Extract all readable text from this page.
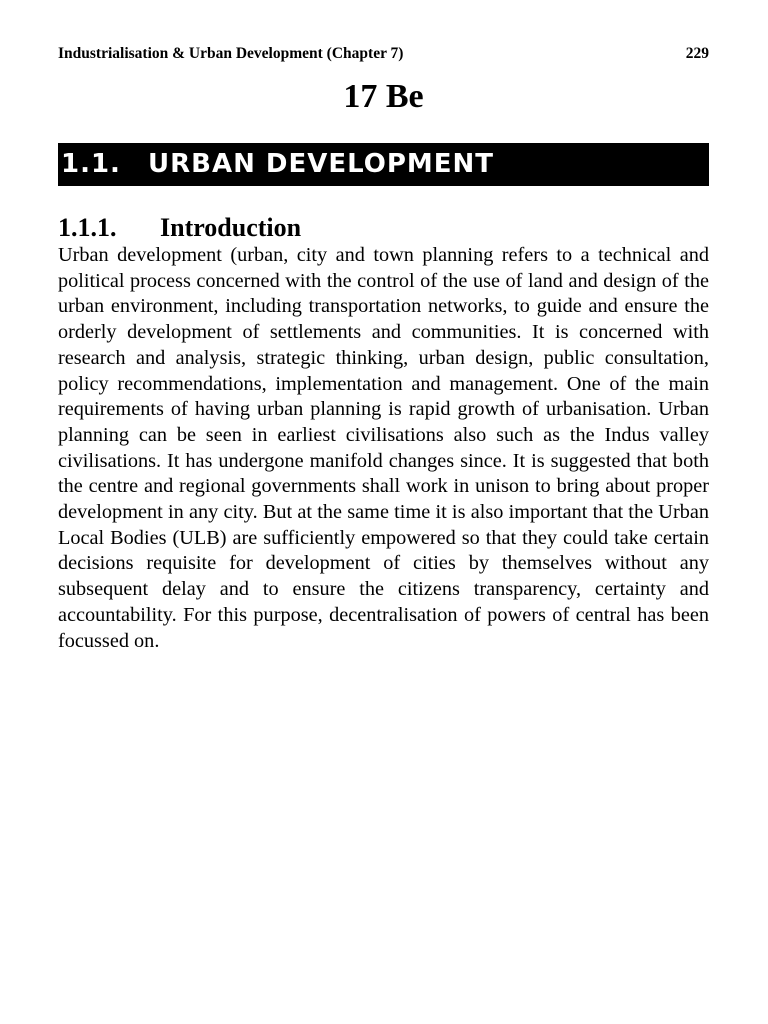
Industrialisation & Urban Development (Chapter 7)	229
17 Be
1.1. URBAN DEVELOPMENT
1.1.1. Introduction

Urban development (urban, city and town planning refers to a technical and political process concerned with the control of the use of land and design of the urban environment, including transportation networks, to guide and ensure the orderly development of settlements and communities. It is concerned with research and analysis, strategic thinking, urban design, public consultation, policy recommendations, implementation and management. One of the main requirements of having urban planning is rapid growth of urbanisation. Urban planning can be seen in earliest civilisations also such as the Indus valley civilisations. It has undergone manifold changes since. It is suggested that both the centre and regional governments shall work in unison to bring about proper development in any city. But at the same time it is also important that the Urban Local Bodies (ULB) are sufficiently empowered so that they could take certain decisions requisite for development of cities by themselves without any subsequent delay and to ensure the citizens transparency, certainty and accountability. For this purpose, decentralisation of powers of central has been focussed on.
